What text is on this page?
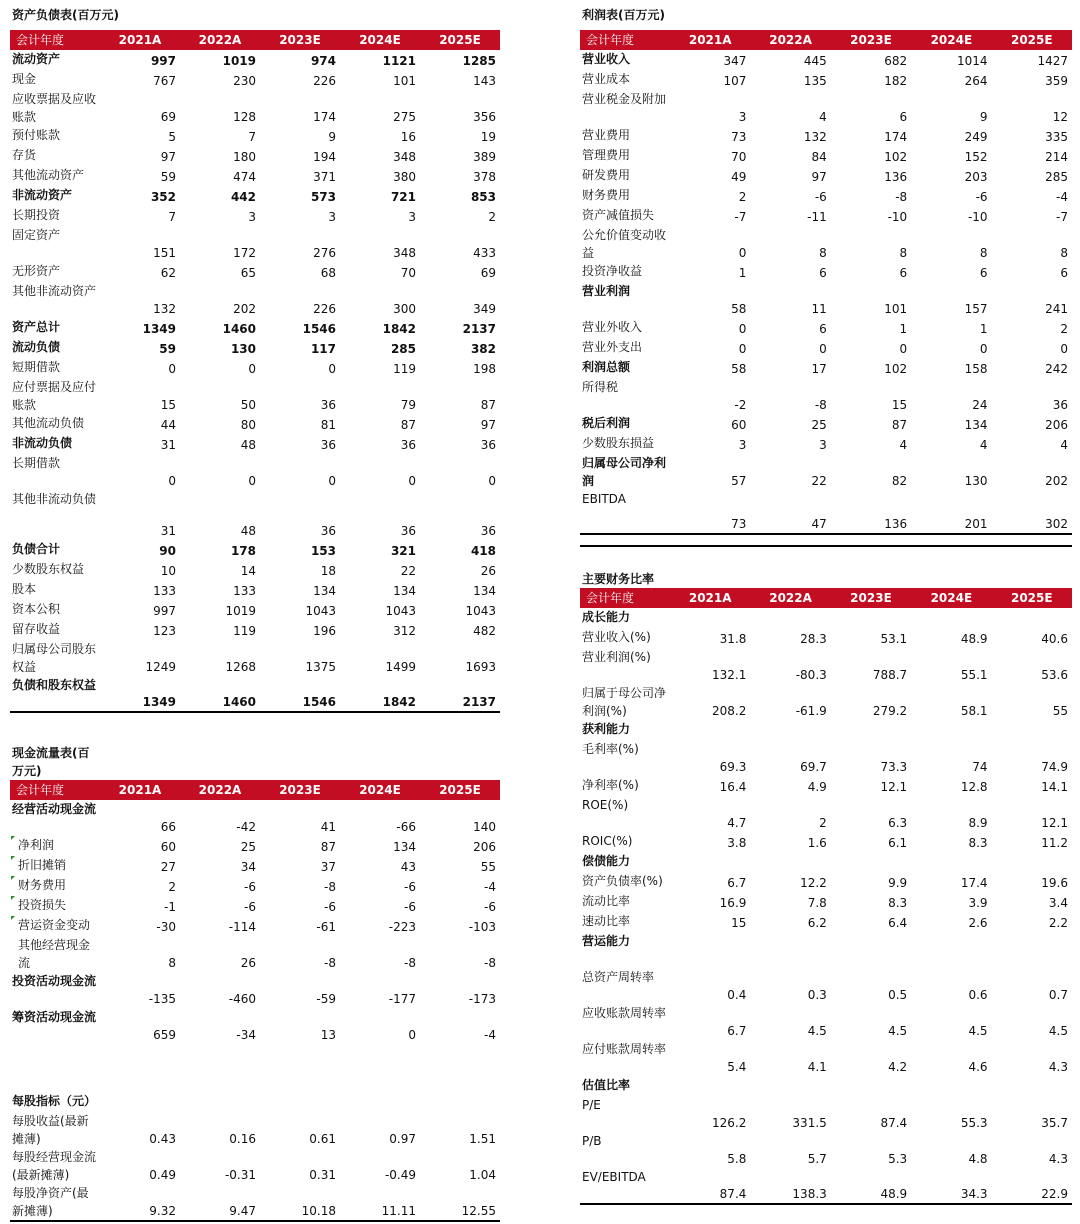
资产负债表(百万元)
会计年度	2021A	2022A	2023E	2024E	2025E
流动资产	997	1019	974	1121	1285
现金	767	230	226	101	143
应收票据及应收账款	69	128	174	275	356
预付账款	5	7	9	16	19
存货	97	180	194	348	389
其他流动资产	59	474	371	380	378
非流动资产	352	442	573	721	853
长期投资	7	3	3	3	2
固定资产	151	172	276	348	433
无形资产	62	65	68	70	69
其他非流动资产	132	202	226	300	349
资产总计	1349	1460	1546	1842	2137
流动负债	59	130	117	285	382
短期借款	0	0	0	119	198
应付票据及应付账款	15	50	36	79	87
其他流动负债	44	80	81	87	97
非流动负债	31	48	36	36	36
长期借款	0	0	0	0	0
其他非流动负债	31	48	36	36	36
负债合计	90	178	153	321	418
少数股东权益	10	14	18	22	26
股本	133	133	134	134	134
资本公积	997	1019	1043	1043	1043
留存收益	123	119	196	312	482
归属母公司股东权益	1249	1268	1375	1499	1693
负债和股东权益	1349	1460	1546	1842	2137
现金流量表(百万元)
会计年度	2021A	2022A	2023E	2024E	2025E
经营活动现金流	66	-42	41	-66	140
净利润	60	25	87	134	206
折旧摊销	27	34	37	43	55
财务费用	2	-6	-8	-6	-4
投资损失	-1	-6	-6	-6	-6
营运资金变动	-30	-114	-61	-223	-103
其他经营现金流	8	26	-8	-8	-8
投资活动现金流	-135	-460	-59	-177	-173
筹资活动现金流	659	-34	13	0	-4
每股指标（元）
每股收益(最新摊薄)	0.43	0.16	0.61	0.97	1.51
每股经营现金流(最新摊薄)	0.49	-0.31	0.31	-0.49	1.04
每股净资产(最新摊薄)	9.32	9.47	10.18	11.11	12.55
利润表(百万元)
会计年度	2021A	2022A	2023E	2024E	2025E
营业收入	347	445	682	1014	1427
营业成本	107	135	182	264	359
营业税金及附加	3	4	6	9	12
营业费用	73	132	174	249	335
管理费用	70	84	102	152	214
研发费用	49	97	136	203	285
财务费用	2	-6	-8	-6	-4
资产减值损失	-7	-11	-10	-10	-7
公允价值变动收益	0	8	8	8	8
投资净收益	1	6	6	6	6
营业利润	58	11	101	157	241
营业外收入	0	6	1	1	2
营业外支出	0	0	0	0	0
利润总额	58	17	102	158	242
所得税	-2	-8	15	24	36
税后利润	60	25	87	134	206
少数股东损益	3	3	4	4	4
归属母公司净利润	57	22	82	130	202
EBITDA	73	47	136	201	302
主要财务比率
会计年度	2021A	2022A	2023E	2024E	2025E
成长能力					
营业收入(%)	31.8	28.3	53.1	48.9	40.6
营业利润(%)	132.1	-80.3	788.7	55.1	53.6
归属于母公司净利润(%)	208.2	-61.9	279.2	58.1	55
获利能力					
毛利率(%)	69.3	69.7	73.3	74	74.9
净利率(%)	16.4	4.9	12.1	12.8	14.1
ROE(%)	4.7	2	6.3	8.9	12.1
ROIC(%)	3.8	1.6	6.1	8.3	11.2
偿债能力					
资产负债率(%)	6.7	12.2	9.9	17.4	19.6
流动比率	16.9	7.8	8.3	3.9	3.4
速动比率	15	6.2	6.4	2.6	2.2
营运能力					
总资产周转率	0.4	0.3	0.5	0.6	0.7
应收账款周转率	6.7	4.5	4.5	4.5	4.5
应付账款周转率	5.4	4.1	4.2	4.6	4.3
估值比率					
P/E	126.2	331.5	87.4	55.3	35.7
P/B	5.8	5.7	5.3	4.8	4.3
EV/EBITDA	87.4	138.3	48.9	34.3	22.9
